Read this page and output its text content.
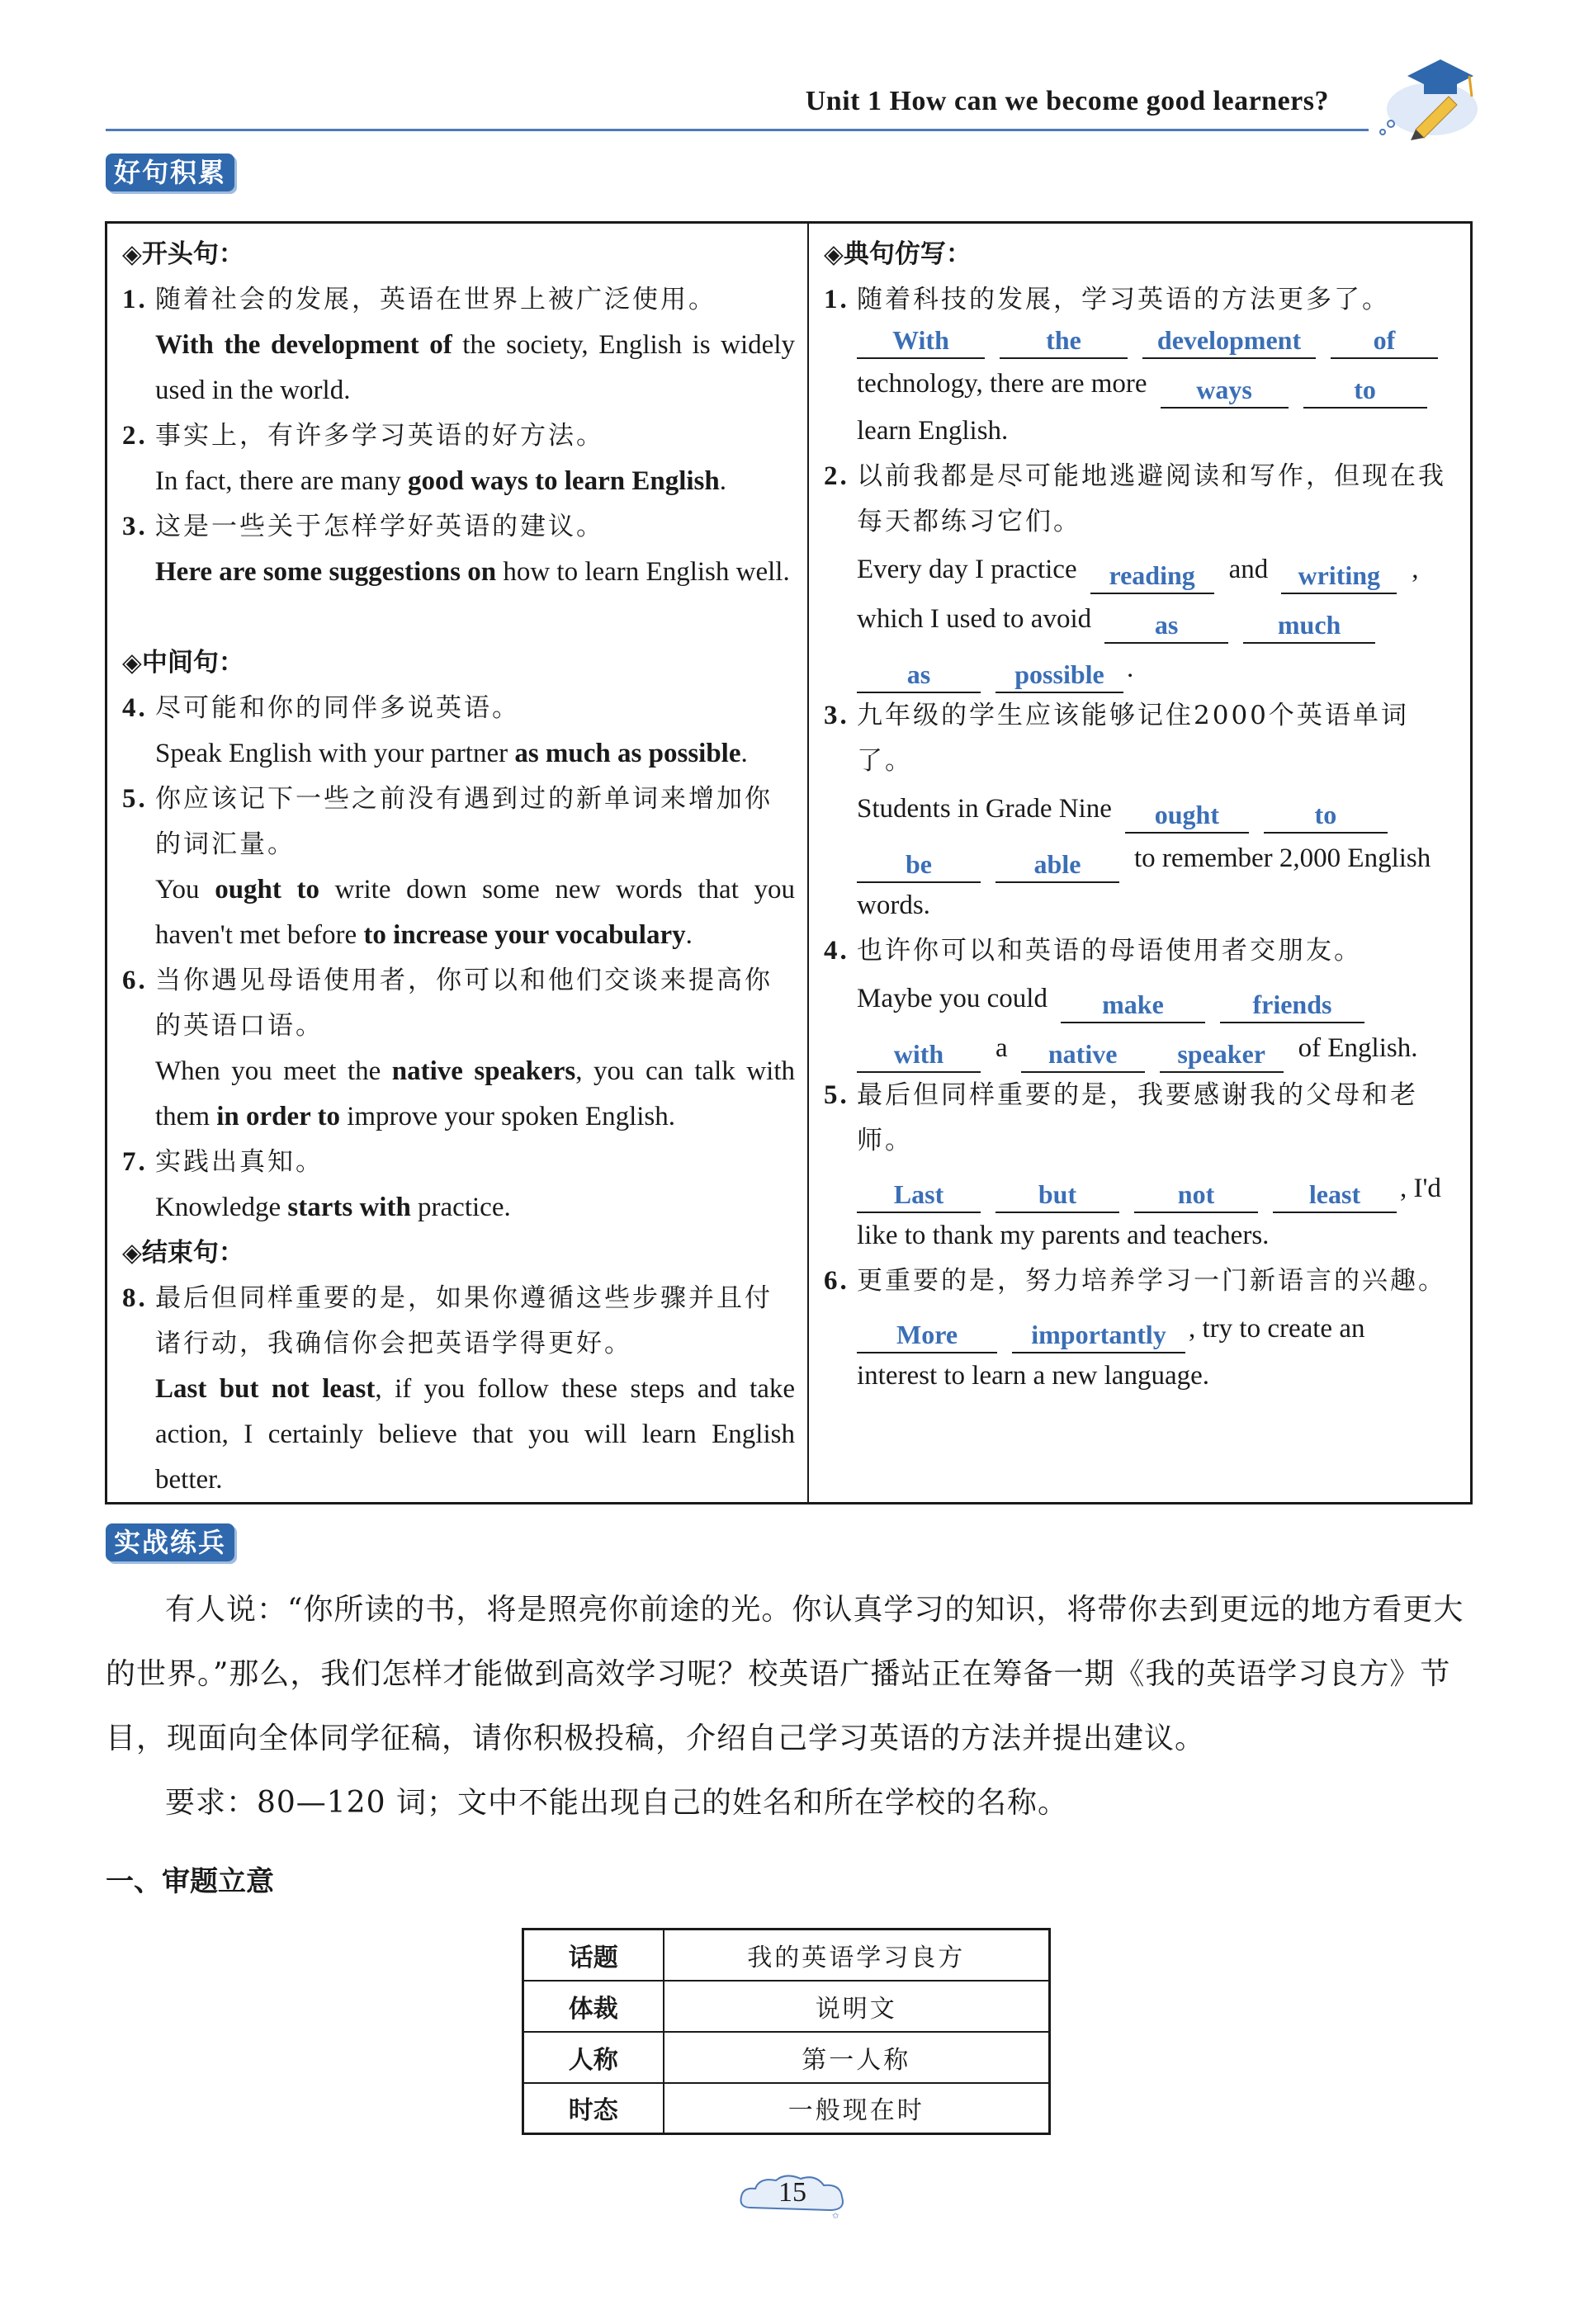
Unit 1 How can we become good learners?
好句积累
◈开头句：
1. 随着社会的发展，英语在世界上被广泛使用。
With the development of the society, English is widely used in the world.
2. 事实上，有许多学习英语的好方法。
In fact, there are many good ways to learn English.
3. 这是一些关于怎样学好英语的建议。
Here are some suggestions on how to learn English well.
◈中间句：
4. 尽可能和你的同伴多说英语。
Speak English with your partner as much as possible.
5. 你应该记下一些之前没有遇到过的新单词来增加你的词汇量。
You ought to write down some new words that you haven't met before to increase your vocabulary.
6. 当你遇见母语使用者，你可以和他们交谈来提高你的英语口语。
When you meet the native speakers, you can talk with them in order to improve your spoken English.
7. 实践出真知。
Knowledge starts with practice.
◈结束句：
8. 最后但同样重要的是，如果你遵循这些步骤并且付诸行动，我确信你会把英语学得更好。
Last but not least, if you follow these steps and take action, I certainly believe that you will learn English better.
◈典句仿写：
1. 随着科技的发展，学习英语的方法更多了。
With	the	development	of
technology, there are more	ways	to
learn English.
2. 以前我都是尽可能地逃避阅读和写作，但现在我每天都练习它们。
Every day I practice	reading	and	writing	,
which I used to avoid	as	much
as	possible .
3. 九年级的学生应该能够记住2000个英语单词了。
Students in Grade Nine	ought	to
be	able	to remember 2,000 English
words.
4. 也许你可以和英语的母语使用者交朋友。
Maybe you could	make	friends
with	a	native	speaker	of English.
5. 最后但同样重要的是，我要感谢我的父母和老师。
Last	but	not	least	, I'd
like to thank my parents and teachers.
6. 更重要的是，努力培养学习一门新语言的兴趣。
More	importantly , try to create an
interest to learn a new language.
实战练兵
有人说：“你所读的书，将是照亮你前途的光。你认真学习的知识，将带你去到更远的地方看更大的世界。”那么，我们怎样才能做到高效学习呢？校英语广播站正在筹备一期《我的英语学习良方》节目，现面向全体同学征稿，请你积极投稿，介绍自己学习英语的方法并提出建议。
要求：80—120 词；文中不能出现自己的姓名和所在学校的名称。
一、审题立意
话题	我的英语学习良方
体裁	说明文
人称	第一人称
时态	一般现在时
✩
15
